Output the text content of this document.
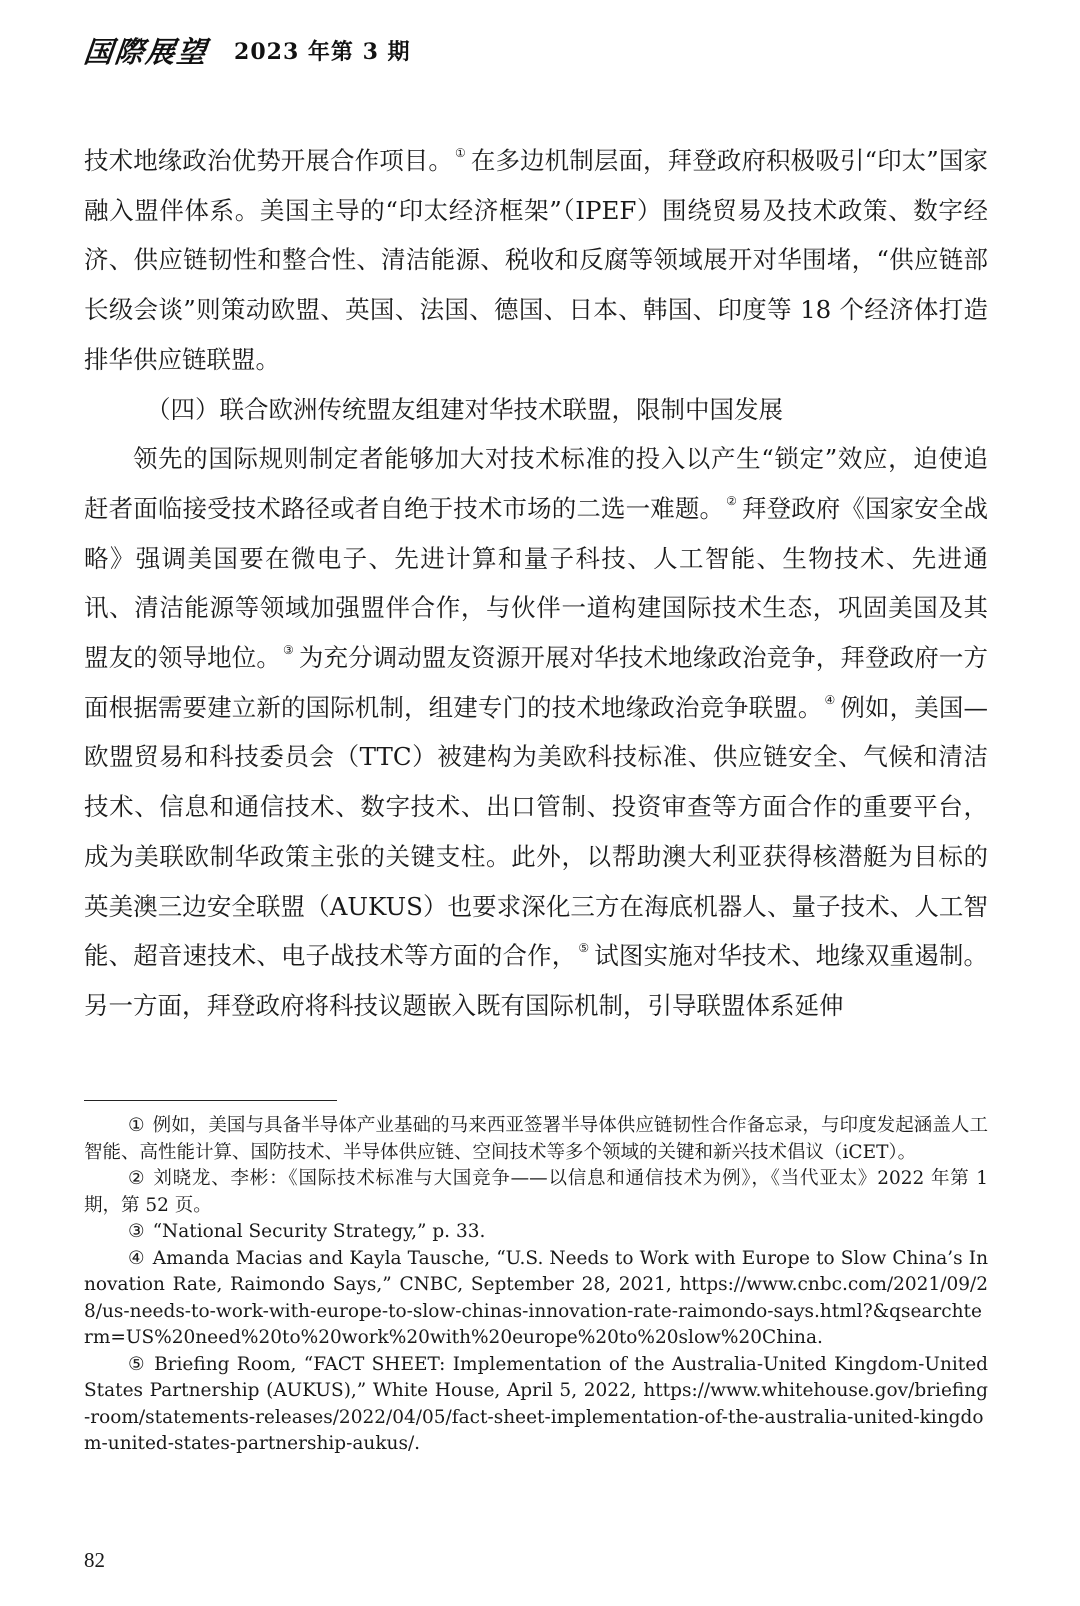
国際展望 2023 年第 3 期

技术地缘政治优势开展合作项目。 ① 在多边机制层面，拜登政府积极吸引“印太”国家融入盟伴体系。美国主导的“印太经济框架”（IPEF）围绕贸易及技术政策、数字经济、供应链韧性和整合性、清洁能源、税收和反腐等领域展开对华围堵，“供应链部长级会谈”则策动欧盟、英国、法国、德国、日本、韩国、印度等 18 个经济体打造排华供应链联盟。

（四）联合欧洲传统盟友组建对华技术联盟，限制中国发展

领先的国际规则制定者能够加大对技术标准的投入以产生“锁定”效应，迫使追赶者面临接受技术路径或者自绝于技术市场的二选一难题。 ② 拜登政府《国家安全战略》强调美国要在微电子、先进计算和量子科技、人工智能、生物技术、先进通讯、清洁能源等领域加强盟伴合作，与伙伴一道构建国际技术生态，巩固美国及其盟友的领导地位。 ③ 为充分调动盟友资源开展对华技术地缘政治竞争，拜登政府一方面根据需要建立新的国际机制，组建专门的技术地缘政治竞争联盟。 ④ 例如，美国—欧盟贸易和科技委员会（TTC）被建构为美欧科技标准、供应链安全、气候和清洁技术、信息和通信技术、数字技术、出口管制、投资审查等方面合作的重要平台，成为美联欧制华政策主张的关键支柱。此外，以帮助澳大利亚获得核潜艇为目标的英美澳三边安全联盟（AUKUS）也要求深化三方在海底机器人、量子技术、人工智能、超音速技术、电子战技术等方面的合作， ⑤ 试图实施对华技术、地缘双重遏制。另一方面，拜登政府将科技议题嵌入既有国际机制，引导联盟体系延伸

① 例如，美国与具备半导体产业基础的马来西亚签署半导体供应链韧性合作备忘录，与印度发起涵盖人工智能、高性能计算、国防技术、半导体供应链、空间技术等多个领域的关键和新兴技术倡议（iCET）。

② 刘晓龙、李彬：《国际技术标准与大国竞争——以信息和通信技术为例》，《当代亚太》2022 年第 1 期，第 52 页。

③ “National Security Strategy,” p. 33.

④ Amanda Macias and Kayla Tausche, “U.S. Needs to Work with Europe to Slow China’s Innovation Rate, Raimondo Says,” CNBC, September 28, 2021, https://www.cnbc.com/2021/09/28/us-needs-to-work-with-europe-to-slow-chinas-innovation-rate-raimondo-says.html?&qsearchterm=US%20need%20to%20work%20with%20europe%20to%20slow%20China.

⑤ Briefing Room, “FACT SHEET: Implementation of the Australia-United Kingdom-United States Partnership (AUKUS),” White House, April 5, 2022, https://www.whitehouse.gov/briefing-room/statements-releases/2022/04/05/fact-sheet-implementation-of-the-australia-united-kingdom-united-states-partnership-aukus/.

82
